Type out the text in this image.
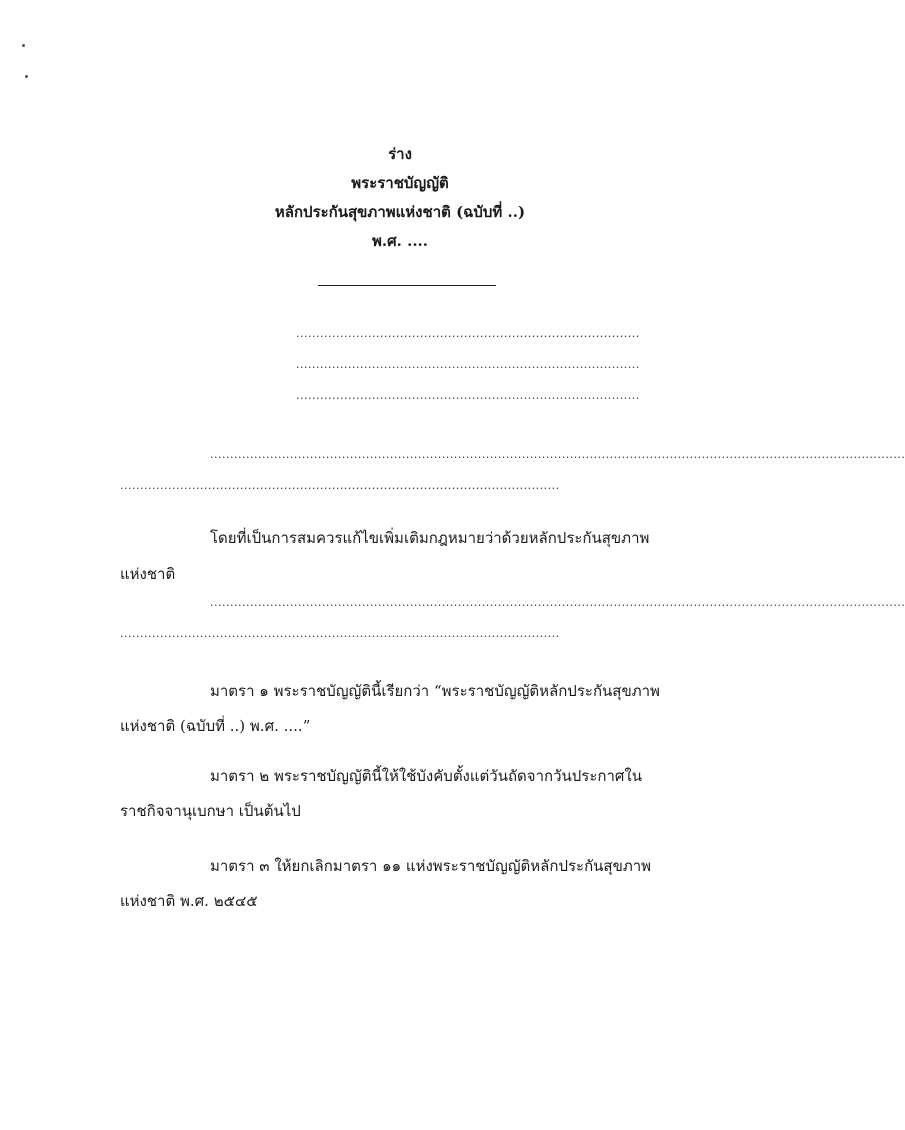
ร่าง
พระราชบัญญัติ
หลักประกันสุขภาพแห่งชาติ (ฉบับที่ ..)
พ.ศ. ....
......................................................................................
......................................................................................
......................................................................................
..............................................................................................................................................................................
..............................................................................................................
โดยที่เป็นการสมควรแก้ไขเพิ่มเติมกฎหมายว่าด้วยหลักประกันสุขภาพ
แห่งชาติ
..............................................................................................................................................................................
..............................................................................................................
มาตรา ๑ พระราชบัญญัตินี้เรียกว่า “พระราชบัญญัติหลักประกันสุขภาพ
แห่งชาติ (ฉบับที่ ..) พ.ศ. ....”
มาตรา ๒ พระราชบัญญัตินี้ให้ใช้บังคับตั้งแต่วันถัดจากวันประกาศใน
ราชกิจจานุเบกษา เป็นต้นไป
มาตรา ๓ ให้ยกเลิกมาตรา ๑๑ แห่งพระราชบัญญัติหลักประกันสุขภาพ
แห่งชาติ พ.ศ. ๒๕๔๕
